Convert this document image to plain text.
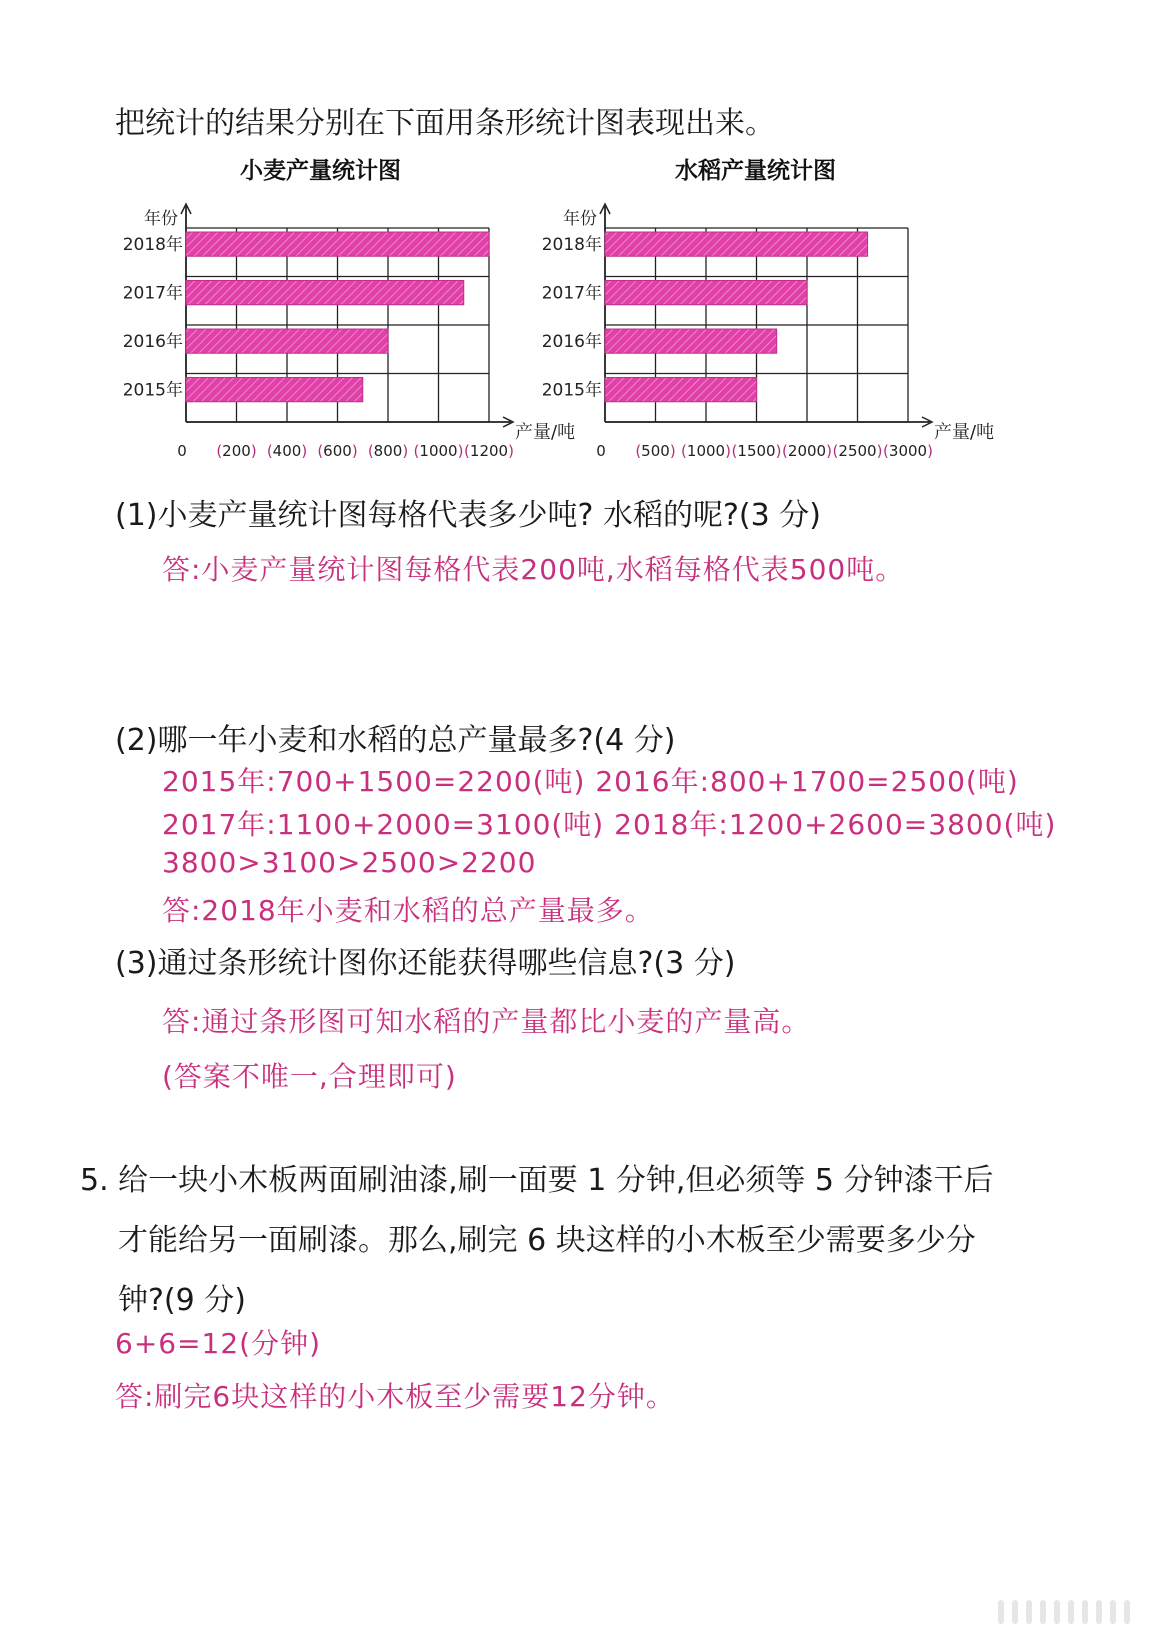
把统计的结果分别在下面用条形统计图表现出来。
小麦产量统计图	水稻产量统计图
2018年
2017年
2016年
2015年
年份
产量/吨
0 (200) (400) (600) (800) (1000) (1200)
2018年
2017年
2016年
2015年
年份
产量/吨
0 (500) (1000) (1500) (2000) (2500) (3000)
(1)小麦产量统计图每格代表多少吨? 水稻的呢?(3 分)
答:小麦产量统计图每格代表200吨,水稻每格代表500吨。
(2)哪一年小麦和水稻的总产量最多?(4 分)
2015年:700+1500=2200(吨) 2016年:800+1700=2500(吨)
2017年:1100+2000=3100(吨) 2018年:1200+2600=3800(吨)
3800>3100>2500>2200
答:2018年小麦和水稻的总产量最多。
(3)通过条形统计图你还能获得哪些信息?(3 分)
答:通过条形图可知水稻的产量都比小麦的产量高。
(答案不唯一,合理即可)
5. 给一块小木板两面刷油漆,刷一面要 1 分钟,但必须等 5 分钟漆干后
才能给另一面刷漆。那么,刷完 6 块这样的小木板至少需要多少分
钟?(9 分)
6+6=12(分钟)
答:刷完6块这样的小木板至少需要12分钟。
